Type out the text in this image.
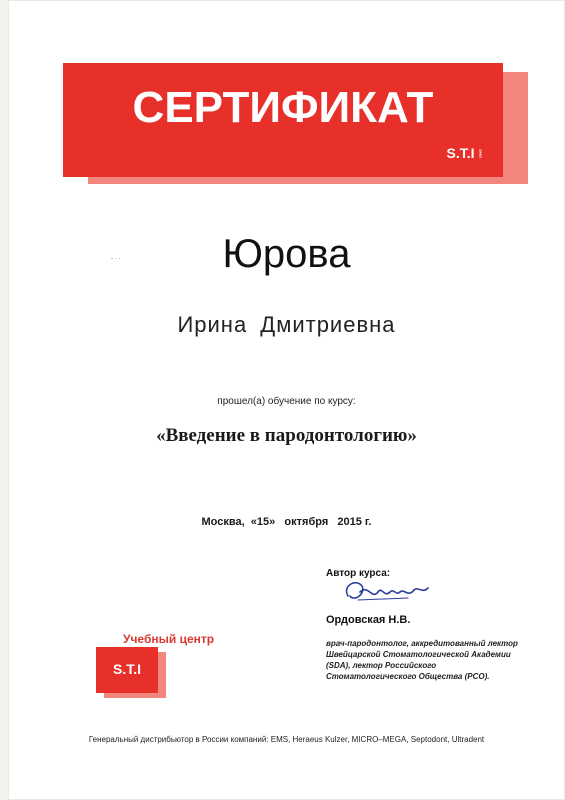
СЕРТИФИКАТ
S.T.I dent
- · ·	Юрова
Ирина Дмитриевна
прошел(а) обучение по курсу:
«Введение в пародонтологию»
Москва,  «15»   октября   2015 г.
Автор курса:
Ордовская Н.В.
врач-пародонтолог, аккредитованный лектор Швейцарской Стоматологической Академии (SDA), лектор Российского Стоматологического Общества (РСО).
Учебный центр
S.T.I
Генеральный дистрибьютор в России компаний: EMS, Heraeus Kulzer, MICRO–MEGA, Septodont, Ultradent
